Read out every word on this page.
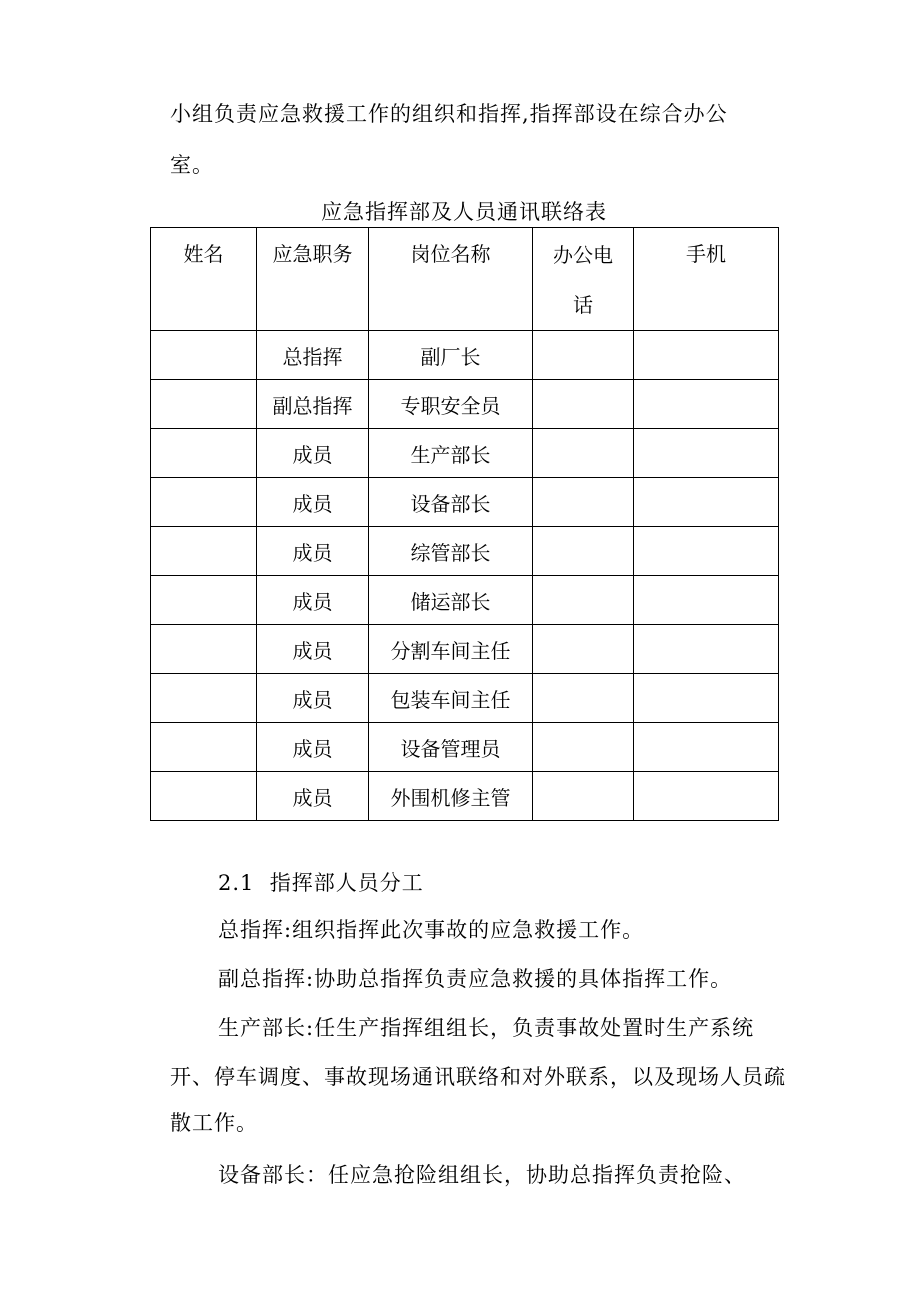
小组负责应急救援工作的组织和指挥,指挥部设在综合办公
室。
应急指挥部及人员通讯联络表
姓名	应急职务	岗位名称	办公电话	手机

	总指挥	副厂长		
	副总指挥	专职安全员		
	成员	生产部长		
	成员	设备部长		
	成员	综管部长		
	成员	储运部长		
	成员	分割车间主任		
	成员	包装车间主任		
	成员	设备管理员		
	成员	外围机修主管		
2.1  指挥部人员分工
总指挥:组织指挥此次事故的应急救援工作。
副总指挥:协助总指挥负责应急救援的具体指挥工作。
生产部长:任生产指挥组组长，负责事故处置时生产系统
开、停车调度、事故现场通讯联络和对外联系，以及现场人员疏
散工作。
设备部长：任应急抢险组组长，协助总指挥负责抢险、
